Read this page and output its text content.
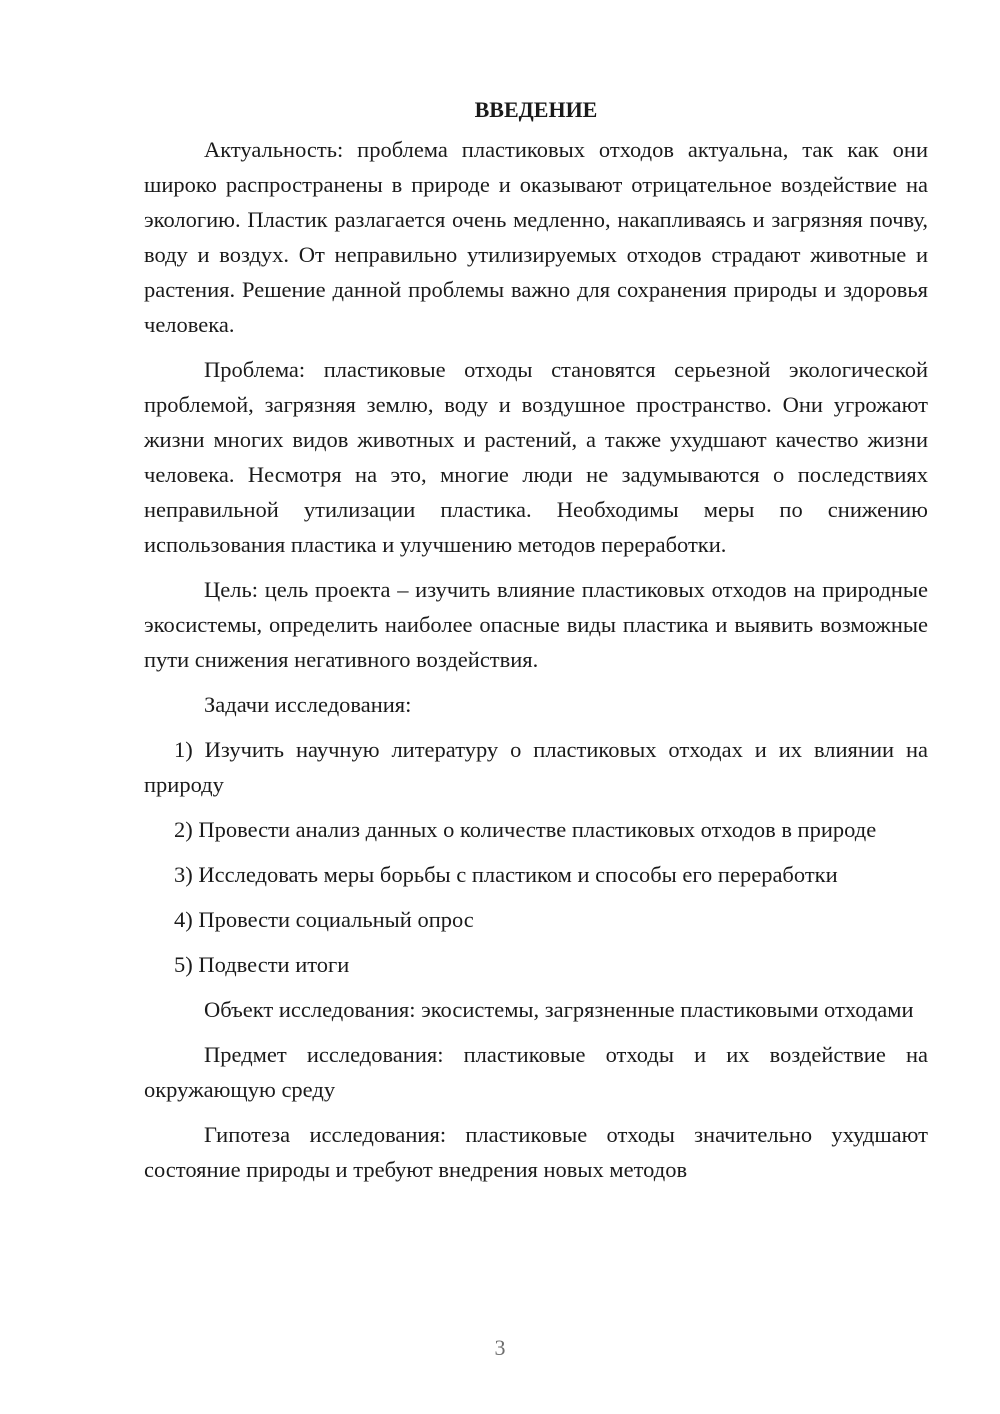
ВВЕДЕНИЕ

Актуальность: проблема пластиковых отходов актуальна, так как они широко распространены в природе и оказывают отрицательное воздействие на экологию. Пластик разлагается очень медленно, накапливаясь и загрязняя почву, воду и воздух. От неправильно утилизируемых отходов страдают животные и растения. Решение данной проблемы важно для сохранения природы и здоровья человека.

Проблема: пластиковые отходы становятся серьезной экологической проблемой, загрязняя землю, воду и воздушное пространство. Они угрожают жизни многих видов животных и растений, а также ухудшают качество жизни человека. Несмотря на это, многие люди не задумываются о последствиях неправильной утилизации пластика. Необходимы меры по снижению использования пластика и улучшению методов переработки.

Цель: цель проекта – изучить влияние пластиковых отходов на природные экосистемы, определить наиболее опасные виды пластика и выявить возможные пути снижения негативного воздействия.

Задачи исследования:

1) Изучить научную литературу о пластиковых отходах и их влиянии на природу

2) Провести анализ данных о количестве пластиковых отходов в природе

3) Исследовать меры борьбы с пластиком и способы его переработки

4) Провести социальный опрос

5) Подвести итоги

Объект исследования: экосистемы, загрязненные пластиковыми отходами

Предмет исследования: пластиковые отходы и их воздействие на окружающую среду

Гипотеза исследования: пластиковые отходы значительно ухудшают состояние природы и требуют внедрения новых методов

3
